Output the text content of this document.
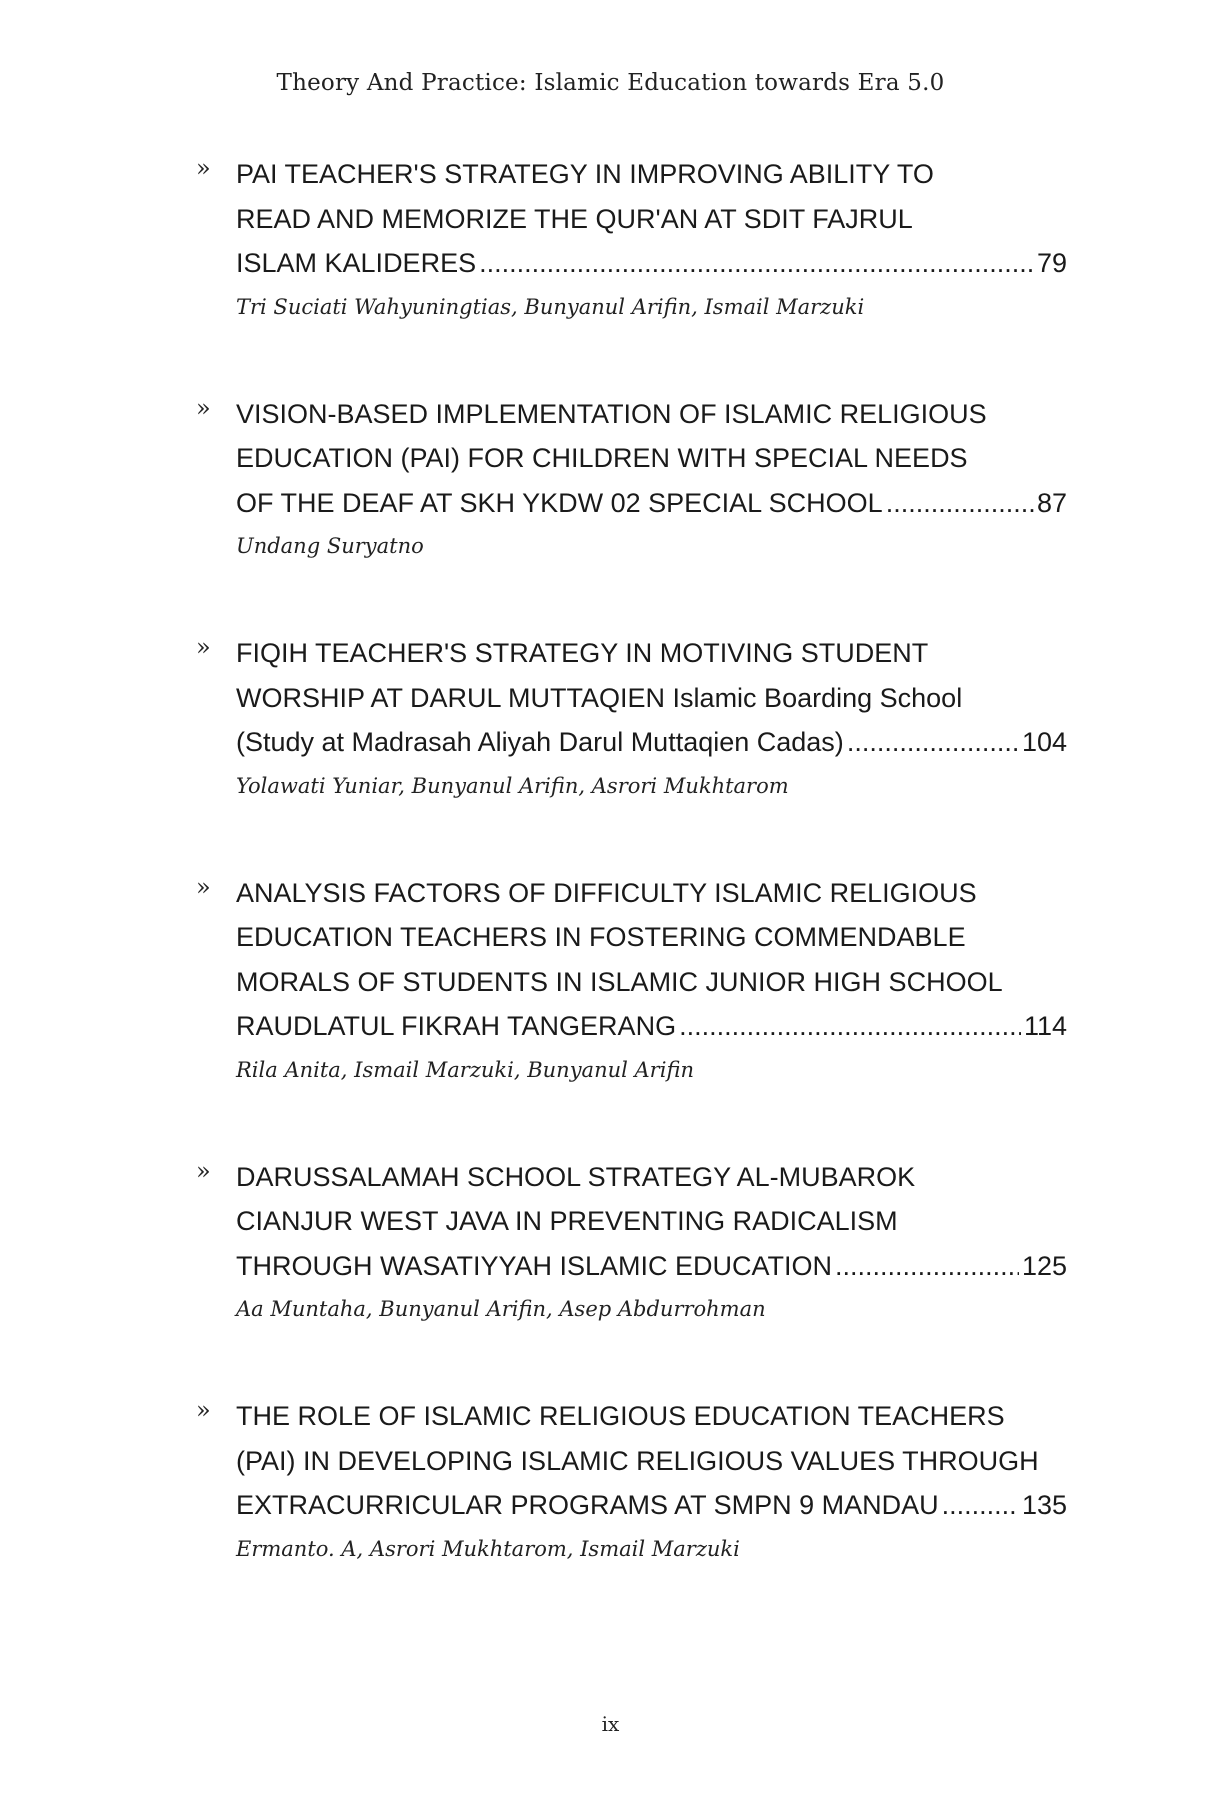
Theory And Practice: Islamic Education towards Era 5.0
» PAI TEACHER'S STRATEGY IN IMPROVING ABILITY TO
READ AND MEMORIZE THE QUR'AN AT SDIT FAJRUL
ISLAM KALIDERES .....	79
Tri Suciati Wahyuningtias, Bunyanul Arifin, Ismail Marzuki
» VISION-BASED IMPLEMENTATION OF ISLAMIC RELIGIOUS
EDUCATION (PAI) FOR CHILDREN WITH SPECIAL NEEDS
OF THE DEAF AT SKH YKDW 02 SPECIAL SCHOOL .....	87
Undang Suryatno
» FIQIH TEACHER'S STRATEGY IN MOTIVING STUDENT
WORSHIP AT DARUL MUTTAQIEN Islamic Boarding School
(Study at Madrasah Aliyah Darul Muttaqien Cadas) .....	104
Yolawati Yuniar, Bunyanul Arifin, Asrori Mukhtarom
» ANALYSIS FACTORS OF DIFFICULTY ISLAMIC RELIGIOUS
EDUCATION TEACHERS IN FOSTERING COMMENDABLE
MORALS OF STUDENTS IN ISLAMIC JUNIOR HIGH SCHOOL
RAUDLATUL FIKRAH TANGERANG .....	114
Rila Anita, Ismail Marzuki, Bunyanul Arifin
» DARUSSALAMAH SCHOOL STRATEGY AL-MUBAROK
CIANJUR WEST JAVA IN PREVENTING RADICALISM
THROUGH WASATIYYAH ISLAMIC EDUCATION .....	125
Aa Muntaha, Bunyanul Arifin, Asep Abdurrohman
» THE ROLE OF ISLAMIC RELIGIOUS EDUCATION TEACHERS
(PAI) IN DEVELOPING ISLAMIC RELIGIOUS VALUES THROUGH
EXTRACURRICULAR PROGRAMS AT SMPN 9 MANDAU .....	135
Ermanto. A, Asrori Mukhtarom, Ismail Marzuki
ix
